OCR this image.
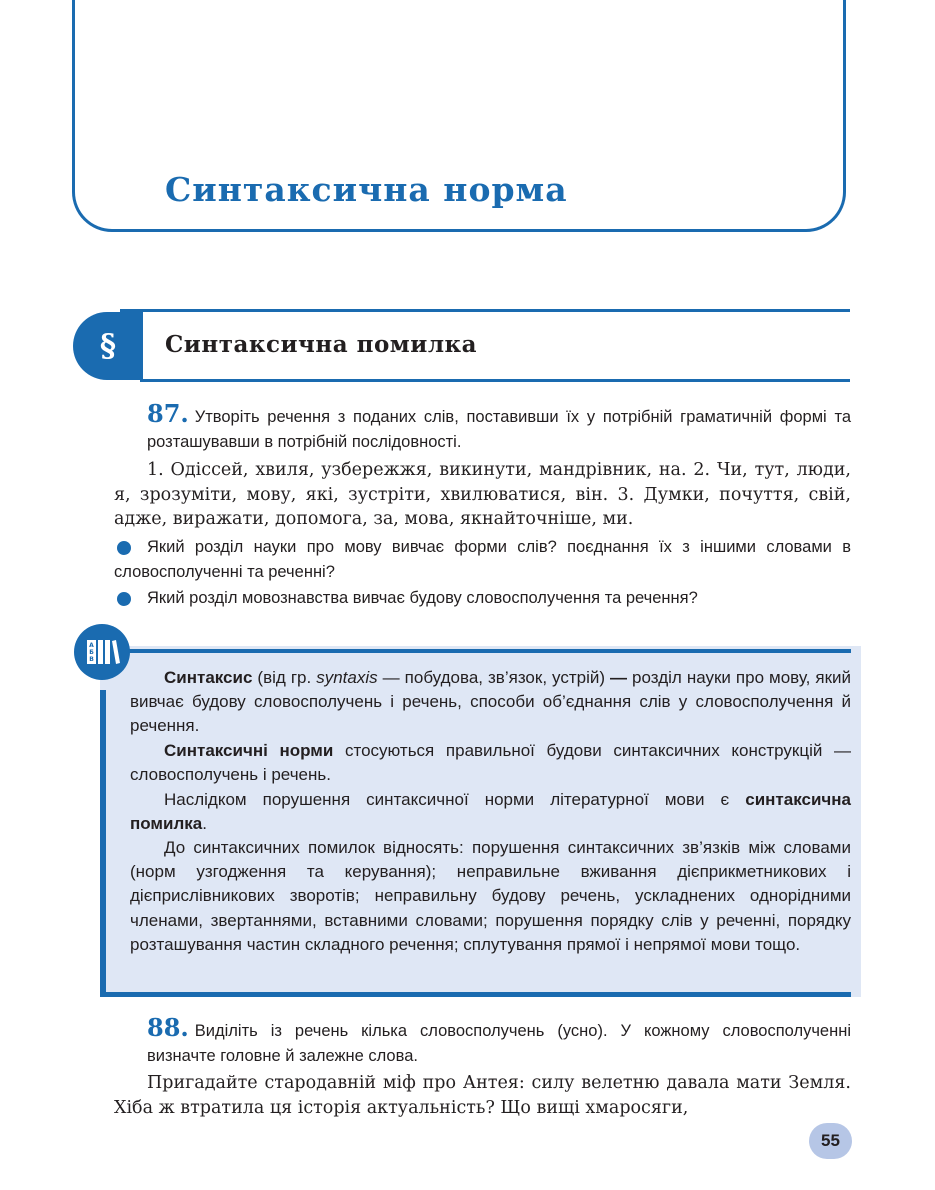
Синтаксична норма
§ 12
Синтаксична помилка
87. Утворіть речення з поданих слів, поставивши їх у потрібній граматичній формі та розташувавши в потрібній послідовності.
1. Одіссей, хвиля, узбережжя, викинути, мандрівник, на. 2. Чи, тут, люди, я, зрозуміти, мову, які, зустріти, хвилюватися, він. 3. Думки, почуття, свій, адже, виражати, допомога, за, мова, якнайточніше, ми.
Який розділ науки про мову вивчає форми слів? поєднання їх з іншими словами в словосполученні та реченні?
Який розділ мовознавства вивчає будову словосполучення та речення?
А
Б
В
Синтаксис (від гр. syntaxis — побудова, зв’язок, устрій) — розділ науки про мову, який вивчає будову словосполучень і речень, способи об’єднання слів у словосполучення й речення.
Синтаксичні норми стосуються правильної будови синтаксичних конструкцій — словосполучень і речень.
Наслідком порушення синтаксичної норми літературної мови є синтаксична помилка.
До синтаксичних помилок відносять: порушення синтаксичних зв’язків між словами (норм узгодження та керування); неправильне вживання дієприкметникових і дієприслівникових зворотів; неправильну будову речень, ускладнених однорідними членами, звертаннями, вставними словами; порушення порядку слів у реченні, порядку розташування частин складного речення; сплутування прямої і непрямої мови тощо.
88. Виділіть із речень кілька словосполучень (усно). У кожному словосполученні визначте головне й залежне слова.
Пригадайте стародавній міф про Антея: силу велетню давала мати Земля. Хіба ж втратила ця історія актуальність? Що вищі хмаросяги,
55
